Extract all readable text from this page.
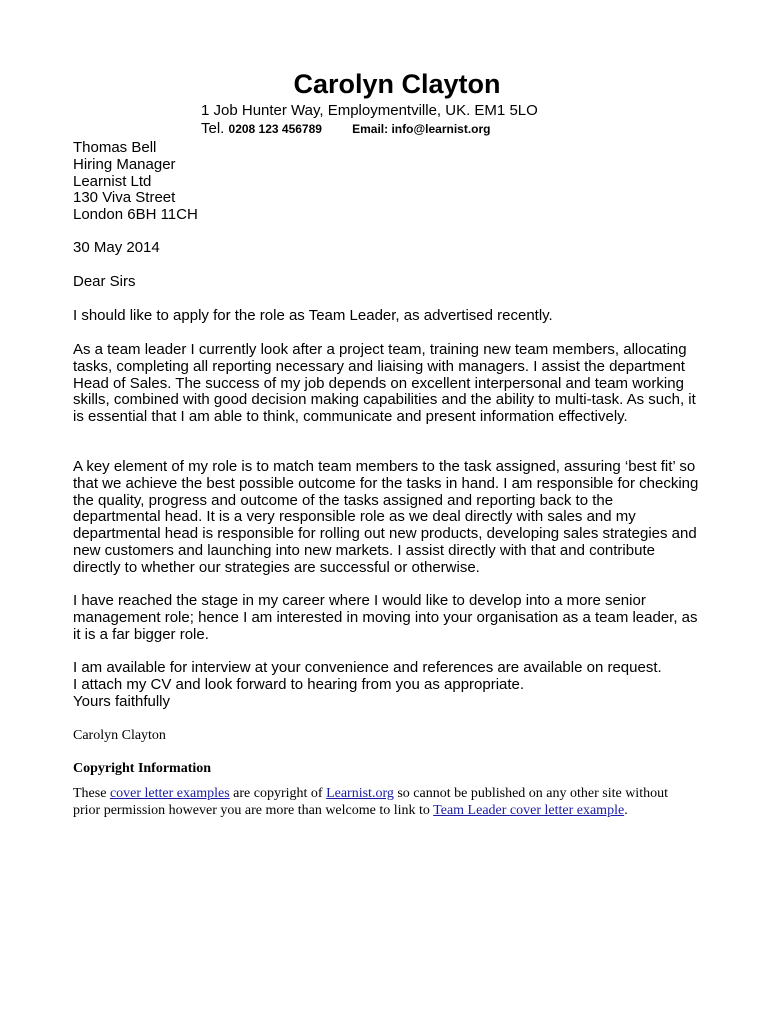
Carolyn Clayton
1 Job Hunter Way, Employmentville, UK. EM1 5LO
Tel. 0208 123 456789	Email: info@learnist.org

Thomas Bell

Hiring Manager

Learnist Ltd

130 Viva Street

London 6BH 11CH

30 May 2014
Dear Sirs
I should like to apply for the role as Team Leader, as advertised recently.
As a team leader I currently look after a project team, training new team members, allocating tasks, completing all reporting necessary and liaising with managers. I assist the department Head of Sales. The success of my job depends on excellent interpersonal and team working skills, combined with good decision making capabilities and the ability to multi-task. As such, it is essential that I am able to think, communicate and present information effectively.
A key element of my role is to match team members to the task assigned, assuring ‘best fit’ so that we achieve the best possible outcome for the tasks in hand. I am responsible for checking the quality, progress and outcome of the tasks assigned and reporting back to the departmental head. It is a very responsible role as we deal directly with sales and my departmental head is responsible for rolling out new products, developing sales strategies and new customers and launching into new markets. I assist directly with that and contribute directly to whether our strategies are successful or otherwise.
I have reached the stage in my career where I would like to develop into a more senior management role; hence I am interested in moving into your organisation as a team leader, as it is a far bigger role.

I am available for interview at your convenience and references are available on request.

I attach my CV and look forward to hearing from you as appropriate.

Yours faithfully

Carolyn Clayton
Copyright Information
These cover letter examples are copyright of Learnist.org so cannot be published on any other site without prior permission however you are more than welcome to link to Team Leader cover letter example.
